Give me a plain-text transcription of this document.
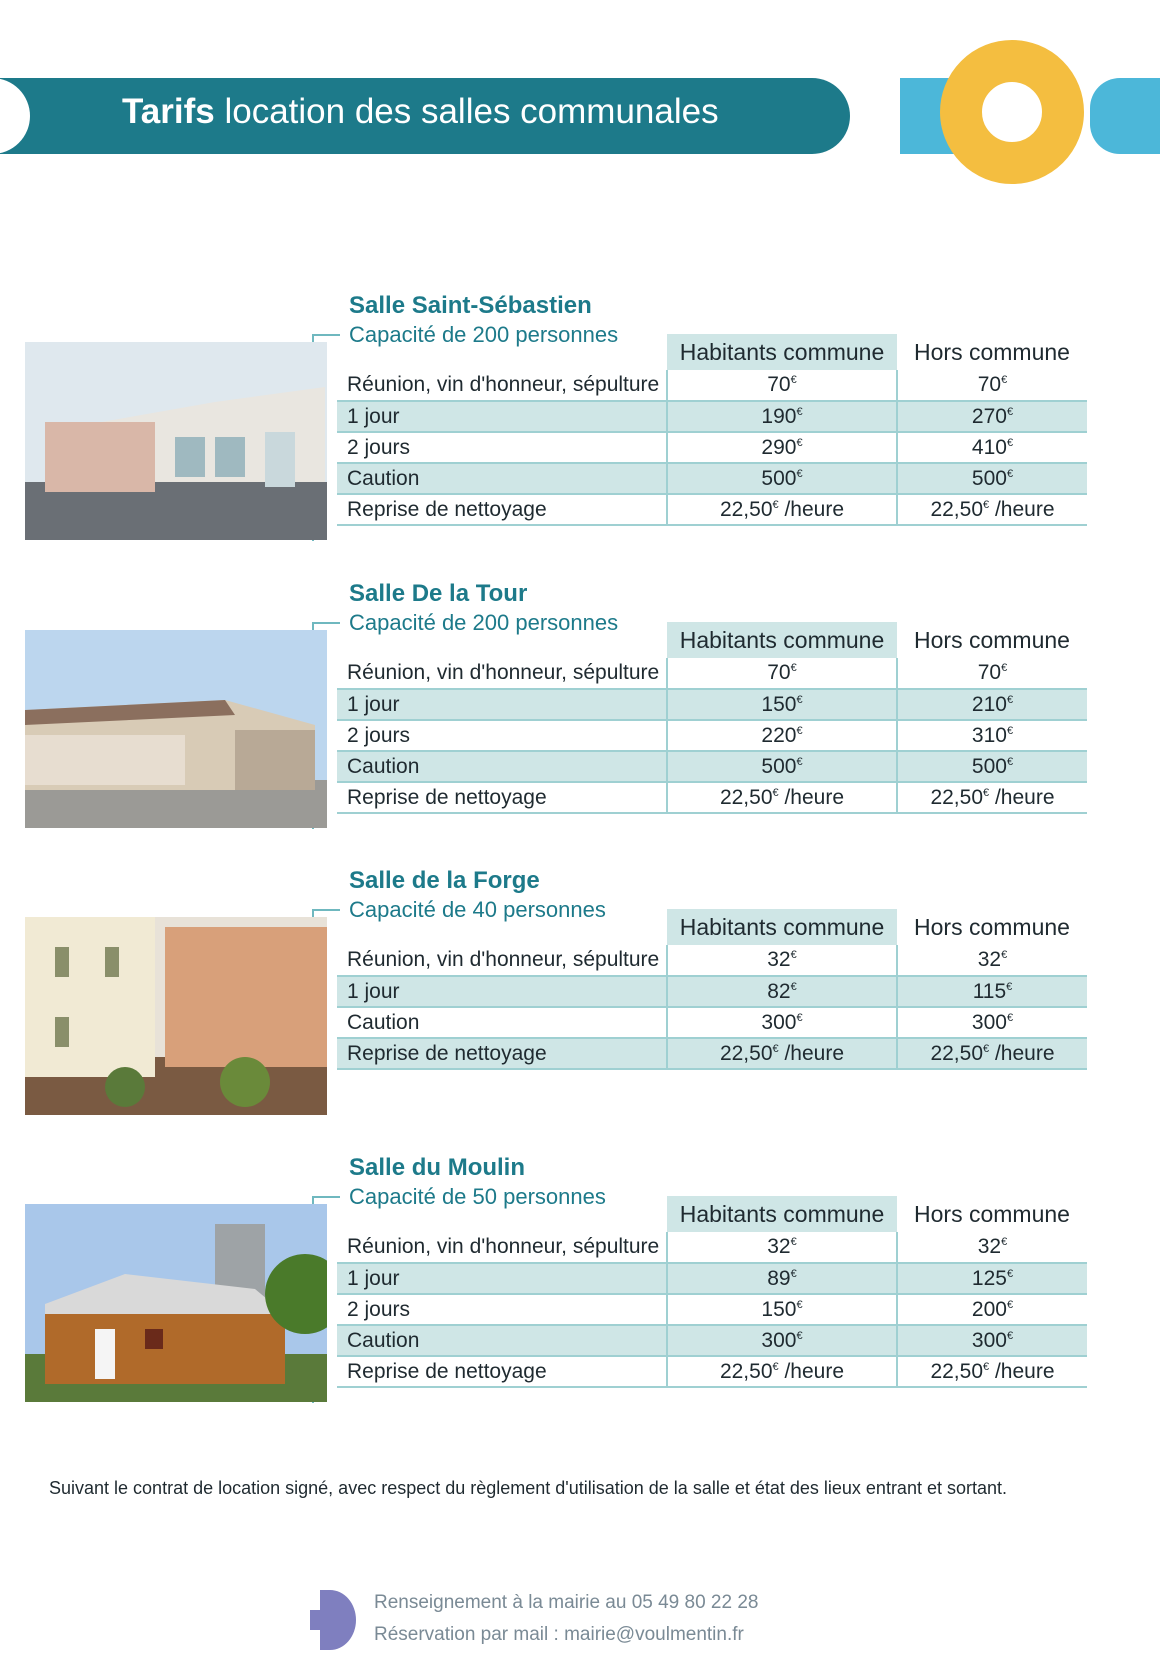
Tarifs location des salles communales
Salle Saint-Sébastien
Capacité de 200 personnes
	Habitants commune	Hors commune
Réunion, vin d'honneur, sépulture	70€	70€
1 jour	190€	270€
2 jours	290€	410€
Caution	500€	500€
Reprise de nettoyage	22,50€ /heure	22,50€ /heure
Salle De la Tour
Capacité de 200 personnes
	Habitants commune	Hors commune
Réunion, vin d'honneur, sépulture	70€	70€
1 jour	150€	210€
2 jours	220€	310€
Caution	500€	500€
Reprise de nettoyage	22,50€ /heure	22,50€ /heure
Salle de la Forge
Capacité de 40 personnes
	Habitants commune	Hors commune
Réunion, vin d'honneur, sépulture	32€	32€
1 jour	82€	115€
Caution	300€	300€
Reprise de nettoyage	22,50€ /heure	22,50€ /heure
Salle du Moulin
Capacité de 50 personnes
	Habitants commune	Hors commune
Réunion, vin d'honneur, sépulture	32€	32€
1 jour	89€	125€
2 jours	150€	200€
Caution	300€	300€
Reprise de nettoyage	22,50€ /heure	22,50€ /heure
Suivant le contrat de location signé, avec respect du règlement d'utilisation de la salle et état des lieux entrant et sortant.
Renseignement à la mairie au 05 49 80 22 28
Réservation par mail : mairie@voulmentin.fr
